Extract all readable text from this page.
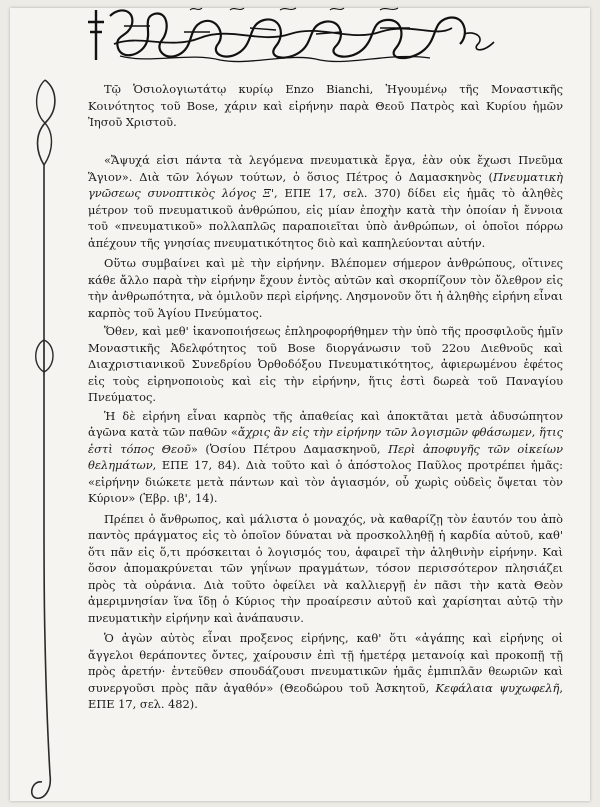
Τῷ Ὁσιολογιωτάτῳ κυρίῳ Enzo Bianchi, Ἡγουμένῳ τῆς Μοναστικῆς Κοινότητος τοῦ Bose, χάριν καὶ εἰρήνην παρὰ Θεοῦ Πατρὸς καὶ Κυρίου ἡμῶν Ἰησοῦ Χριστοῦ.

«Ἄψυχά εἰσι πάντα τὰ λεγόμενα πνευματικὰ ἔργα, ἐὰν οὐκ ἔχωσι Πνεῦμα Ἅγιον». Διὰ τῶν λόγων τούτων, ὁ ὅσιος Πέτρος ὁ Δαμασκηνὸς (Πνευματικὴ γνῶσεως συνοπτικὸς λόγος Ξ', ΕΠΕ 17, σελ. 370) δίδει εἰς ἡμᾶς τὸ ἀληθὲς μέτρον τοῦ πνευματικοῦ ἀνθρώπου, εἰς μίαν ἐποχὴν κατὰ τὴν ὁποίαν ἡ ἔννοια τοῦ «πνευματικοῦ» πολλαπλῶς παραποιεῖται ὑπὸ ἀνθρώπων, οἱ ὁποῖοι πόρρω ἀπέχουν τῆς γνησίας πνευματικότητος διὸ καὶ καπηλεύονται αὐτήν.

Οὕτω συμβαίνει καὶ μὲ τὴν εἰρήνην. Βλέπομεν σήμερον ἀνθρώπους, οἵτινες κάθε ἄλλο παρὰ τὴν εἰρήνην ἔχουν ἐντὸς αὐτῶν καὶ σκορπίζουν τὸν ὄλεθρον εἰς τὴν ἀνθρωπότητα, νὰ ὁμιλοῦν περὶ εἰρήνης. Λησμονοῦν ὅτι ἡ ἀληθὴς εἰρήνη εἶναι καρπὸς τοῦ Ἁγίου Πνεύματος.

Ὅθεν, καὶ μεθ' ἱκανοποιήσεως ἐπληροφορήθημεν τὴν ὑπὸ τῆς προσφιλοῦς ἡμῖν Μοναστικῆς Ἀδελφότητος τοῦ Bose διοργάνωσιν τοῦ 22ου Διεθνοῦς καὶ Διαχριστιανικοῦ Συνεδρίου Ὀρθοδόξου Πνευματικότητος, ἀφιερωμένου ἐφέτος εἰς τοὺς εἰρηνοποιοὺς καὶ εἰς τὴν εἰρήνην, ἥτις ἐστὶ δωρεὰ τοῦ Παναγίου Πνεύματος.

Ἡ δὲ εἰρήνη εἶναι καρπὸς τῆς ἀπαθείας καὶ ἀποκτᾶται μετὰ ἀδυσώπητον ἀγῶνα κατὰ τῶν παθῶν «ἄχρις ἂν εἰς τὴν εἰρήνην τῶν λογισμῶν φθάσωμεν, ἥτις ἐστὶ τόπος Θεοῦ» (Ὁσίου Πέτρου Δαμασκηνοῦ, Περὶ ἀποφυγῆς τῶν οἰκείων θελημάτων, ΕΠΕ 17, 84). Διὰ τοῦτο καὶ ὁ ἀπόστολος Παῦλος προτρέπει ἡμᾶς: «εἰρήνην διώκετε μετὰ πάντων καὶ τὸν ἁγιασμόν, οὗ χωρὶς οὐδεὶς ὄψεται τὸν Κύριον» (Ἑβρ. ιβ', 14).

Πρέπει ὁ ἄνθρωπος, καὶ μάλιστα ὁ μοναχός, νὰ καθαρίζῃ τὸν ἑαυτόν του ἀπὸ παντὸς πράγματος εἰς τὸ ὁποῖον δύναται νὰ προσκολληθῇ ἡ καρδία αὐτοῦ, καθ' ὅτι πᾶν εἰς ὅ,τι πρόσκειται ὁ λογισμός του, ἀφαιρεῖ τὴν ἀληθινὴν εἰρήνην. Καὶ ὅσον ἀπομακρύνεται τῶν γηΐνων πραγμάτων, τόσον περισσότερον πλησιάζει πρὸς τὰ οὐράνια. Διὰ τοῦτο ὀφείλει νὰ καλλιεργῇ ἐν πᾶσι τὴν κατὰ Θεὸν ἀμεριμνησίαν ἵνα ἴδῃ ὁ Κύριος τὴν προαίρεσιν αὐτοῦ καὶ χαρίσηται αὐτῷ τὴν πνευματικὴν εἰρήνην καὶ ἀνάπαυσιν.

Ὁ ἀγὼν αὐτὸς εἶναι προξενος εἰρήνης, καθ' ὅτι «ἀγάπης καὶ εἰρήνης οἱ ἄγγελοι θεράποντες ὄντες, χαίρουσιν ἐπὶ τῇ ἡμετέρᾳ μετανοίᾳ καὶ προκοπῇ τῇ πρὸς ἀρετήν· ἐντεῦθεν σπουδάζουσι πνευματικῶν ἡμᾶς ἐμπιπλᾶν θεωριῶν καὶ συνεργοῦσι πρὸς πᾶν ἀγαθόν» (Θεοδώρου τοῦ Ἀσκητοῦ, Κεφάλαια ψυχωφελῆ, ΕΠΕ 17, σελ. 482).
